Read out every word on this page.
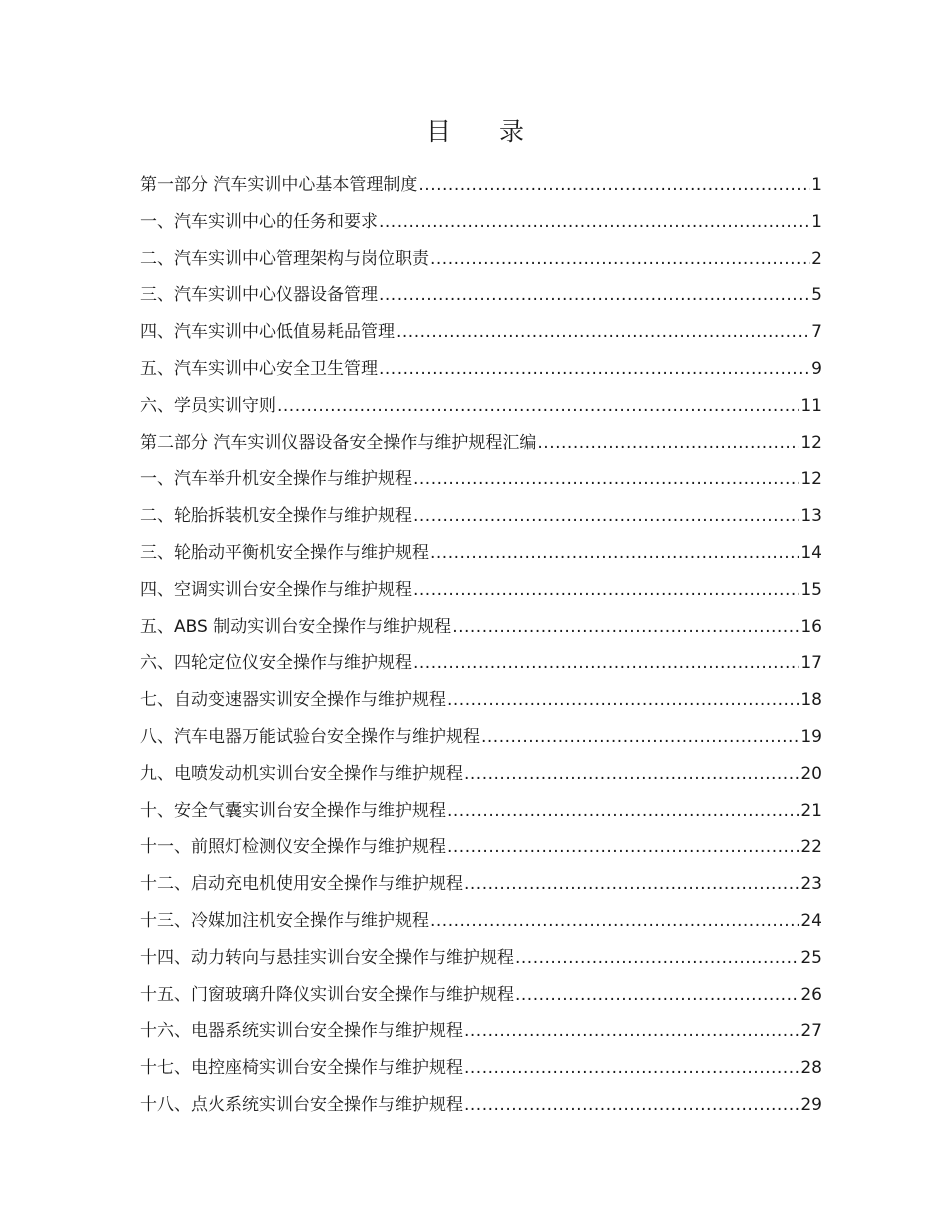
目 录
第一部分 汽车实训中心基本管理制度 .....	1
一、汽车实训中心的任务和要求 .....	1
二、汽车实训中心管理架构与岗位职责 .....	2
三、汽车实训中心仪器设备管理 .....	5
四、汽车实训中心低值易耗品管理 .....	7
五、汽车实训中心安全卫生管理 .....	9
六、学员实训守则 .....	11
第二部分 汽车实训仪器设备安全操作与维护规程汇编 .....	12
一、汽车举升机安全操作与维护规程 .....	12
二、轮胎拆装机安全操作与维护规程 .....	13
三、轮胎动平衡机安全操作与维护规程 .....	14
四、空调实训台安全操作与维护规程 .....	15
五、ABS 制动实训台安全操作与维护规程 .....	16
六、四轮定位仪安全操作与维护规程 .....	17
七、自动变速器实训安全操作与维护规程 .....	18
八、汽车电器万能试验台安全操作与维护规程 .....	19
九、电喷发动机实训台安全操作与维护规程 .....	20
十、安全气囊实训台安全操作与维护规程 .....	21
十一、前照灯检测仪安全操作与维护规程 .....	22
十二、启动充电机使用安全操作与维护规程 .....	23
十三、冷媒加注机安全操作与维护规程 .....	24
十四、动力转向与悬挂实训台安全操作与维护规程 .....	25
十五、门窗玻璃升降仪实训台安全操作与维护规程 .....	26
十六、电器系统实训台安全操作与维护规程 .....	27
十七、电控座椅实训台安全操作与维护规程 .....	28
十八、点火系统实训台安全操作与维护规程 .....	29
